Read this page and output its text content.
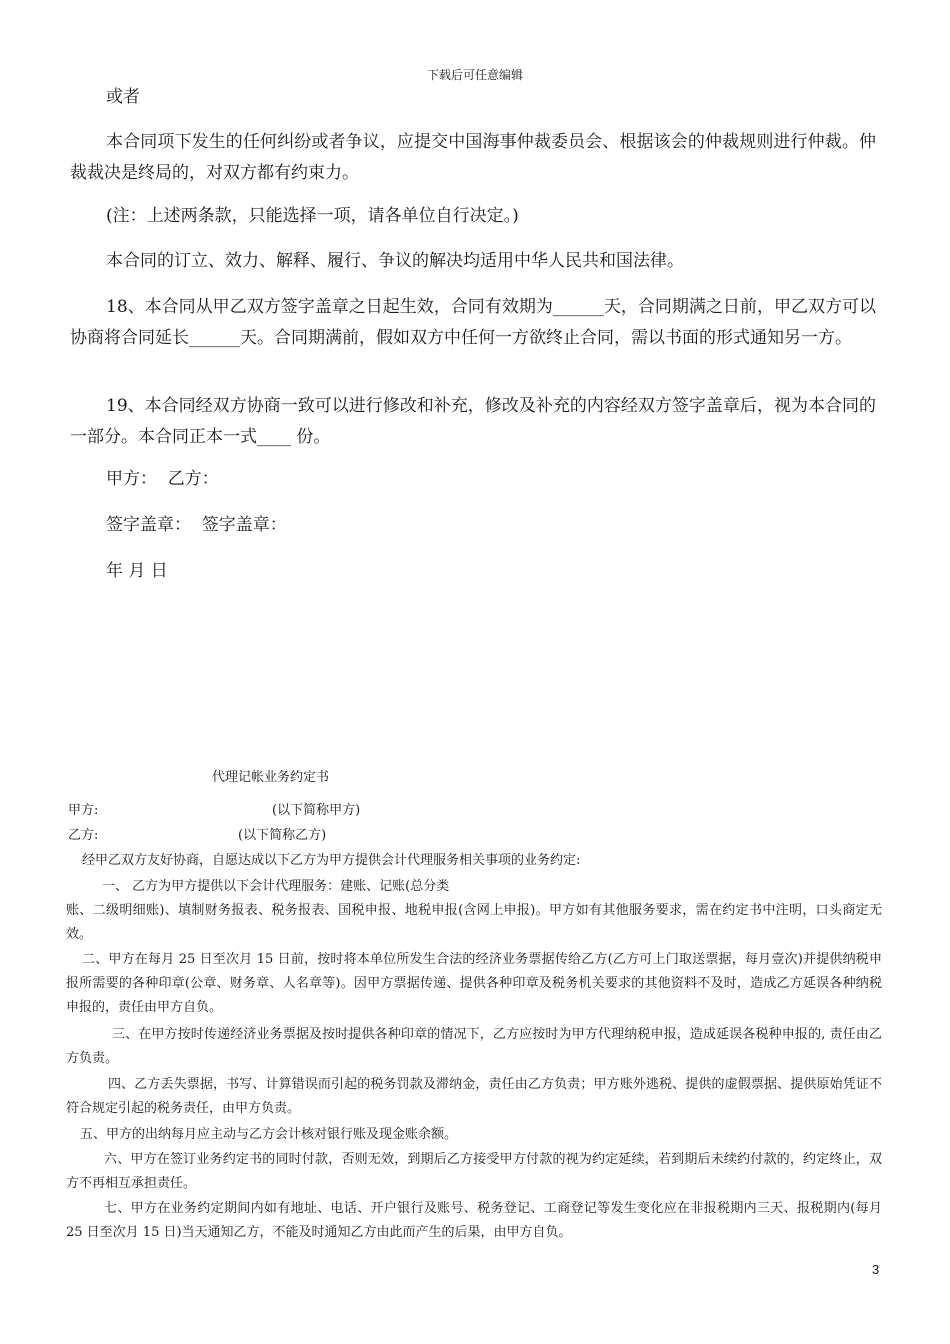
下载后可任意编辑

或者

本合同项下发生的任何纠纷或者争议，应提交中国海事仲裁委员会、根据该会的仲裁规则进行仲裁。仲裁裁决是终局的，对双方都有约束力。

(注：上述两条款，只能选择一项，请各单位自行决定。)

本合同的订立、效力、解释、履行、争议的解决均适用中华人民共和国法律。

18、本合同从甲乙双方签字盖章之日起生效，合同有效期为______天，合同期满之日前，甲乙双方可以协商将合同延长______天。合同期满前，假如双方中任何一方欲终止合同，需以书面的形式通知另一方。

19、本合同经双方协商一致可以进行修改和补充，修改及补充的内容经双方签字盖章后，视为本合同的一部分。本合同正本一式____ 份。

甲方：  乙方：

签字盖章：  签字盖章：

年 月 日

代理记帐业务约定书

甲方:	(以下简称甲方)

乙方:	(以下简称乙方)

经甲乙双方友好协商，自愿达成以下乙方为甲方提供会计代理服务相关事项的业务约定:

一、 乙方为甲方提供以下会计代理服务：建账、记账(总分类

账、二级明细账)、填制财务报表、税务报表、国税申报、地税申报(含网上申报)。甲方如有其他服务要求，需在约定书中注明，口头商定无效。

二、甲方在每月 25 日至次月 15 日前，按时将本单位所发生合法的经济业务票据传给乙方(乙方可上门取送票据，每月壹次)并提供纳税申报所需要的各种印章(公章、财务章、人名章等)。因甲方票据传递、提供各种印章及税务机关要求的其他资料不及时，造成乙方延误各种纳税申报的，责任由甲方自负。

三、在甲方按时传递经济业务票据及按时提供各种印章的情况下，乙方应按时为甲方代理纳税申报，造成延误各税种申报的, 责任由乙方负责。

四、乙方丢失票据，书写、计算错误而引起的税务罚款及滞纳金，责任由乙方负责；甲方账外逃税、提供的虚假票据、提供原始凭证不符合规定引起的税务责任，由甲方负责。

五、甲方的出纳每月应主动与乙方会计核对银行账及现金账余额。

六、甲方在签订业务约定书的同时付款，否则无效，到期后乙方接受甲方付款的视为约定延续，若到期后未续约付款的，约定终止，双方不再相互承担责任。

七、甲方在业务约定期间内如有地址、电话、开户银行及账号、税务登记、工商登记等发生变化应在非报税期内三天、报税期内(每月 25 日至次月 15 日)当天通知乙方，不能及时通知乙方由此而产生的后果，由甲方自负。

3
